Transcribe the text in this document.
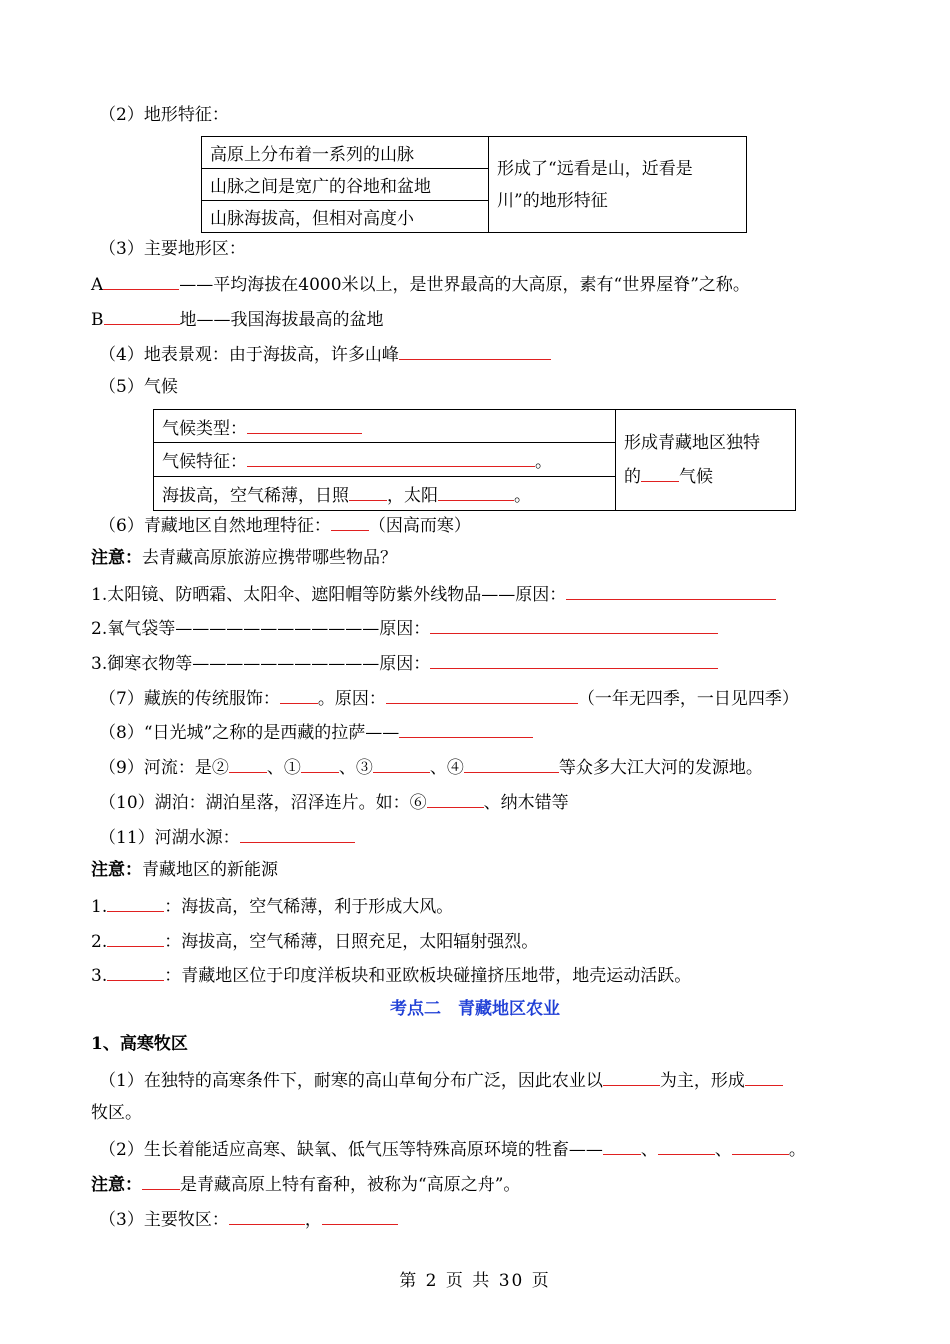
（2）地形特征：
高原上分布着一系列的山脉	形成了“远看是山，近看是
川”的地形特征
山脉之间是宽广的谷地和盆地
山脉海拔高，但相对高度小
（3）主要地形区：
A	——平均海拔在4000米以上，是世界最高的大高原，素有“世界屋脊”之称。
B	地——我国海拔最高的盆地
（4）地表景观：由于海拔高，许多山峰
（5）气候
气候类型：	形成青藏地区独特
的 气候
气候特征：	。
海拔高，空气稀薄，日照 ，太阳	。
（6）青藏地区自然地理特征： （因高而寒）
注意：去青藏高原旅游应携带哪些物品？
1.太阳镜、防晒霜、太阳伞、遮阳帽等防紫外线物品——原因：
2.氧气袋等————————————原因：
3.御寒衣物等———————————原因：
（7）藏族的传统服饰： 。原因：	（一年无四季，一日见四季）
（8）“日光城”之称的是西藏的拉萨——
（9）河流：是② 、① 、③	、④	等众多大江大河的发源地。
（10）湖泊：湖泊星落，沼泽连片。如：⑥	、纳木错等
（11）河湖水源：
注意：青藏地区的新能源
1.	：海拔高，空气稀薄，利于形成大风。
2.	：海拔高，空气稀薄，日照充足，太阳辐射强烈。
3.	：青藏地区位于印度洋板块和亚欧板块碰撞挤压地带，地壳运动活跃。
考点二　青藏地区农业
1、高寒牧区
（1）在独特的高寒条件下，耐寒的高山草甸分布广泛，因此农业以	为主，形成
牧区。
（2）生长着能适应高寒、缺氧、低气压等特殊高原环境的牲畜—— 、	、	。
注意： 是青藏高原上特有畜种，被称为“高原之舟”。
（3）主要牧区：	，
第 2 页 共 30 页
